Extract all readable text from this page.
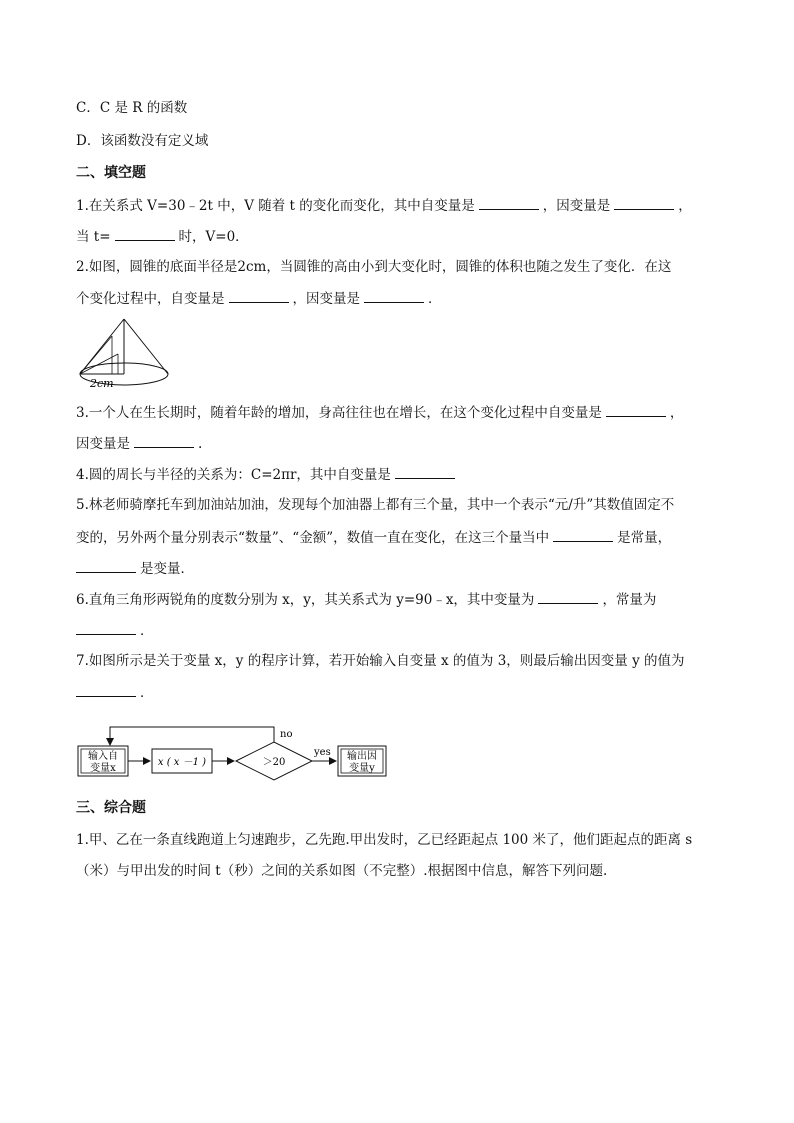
C．C 是 R 的函数
D．该函数没有定义域
二、填空题
1.在关系式 V=30﹣2t 中，V 随着 t 的变化而变化，其中自变量是	，因变量是	，
当 t=	时，V=0．
2.如图，圆锥的底面半径是2cm，当圆锥的高由小到大变化时，圆锥的体积也随之发生了变化．在这
个变化过程中，自变量是	，因变量是	．
2cm
3.一个人在生长期时，随着年龄的增加，身高往往也在增长，在这个变化过程中自变量是	，
因变量是	.
4.圆的周长与半径的关系为：C=2πr，其中自变量是
5.林老师骑摩托车到加油站加油，发现每个加油器上都有三个量，其中一个表示“元/升”其数值固定不
变的，另外两个量分别表示“数量”、“金额”，数值一直在变化，在这三个量当中	是常量，
是变量．
6.直角三角形两锐角的度数分别为 x，y，其关系式为 y=90﹣x，其中变量为	，常量为
．
7.如图所示是关于变量 x，y 的程序计算，若开始输入自变量 x 的值为 3，则最后输出因变量 y 的值为
．
输入自
变量x
x ( x －1 )	＞20
no
yes 输出因
变量y
三、综合题
1.甲、乙在一条直线跑道上匀速跑步，乙先跑.甲出发时，乙已经距起点 100 米了，他们距起点的距离 s
（米）与甲出发的时间 t（秒）之间的关系如图（不完整）.根据图中信息，解答下列问题.
